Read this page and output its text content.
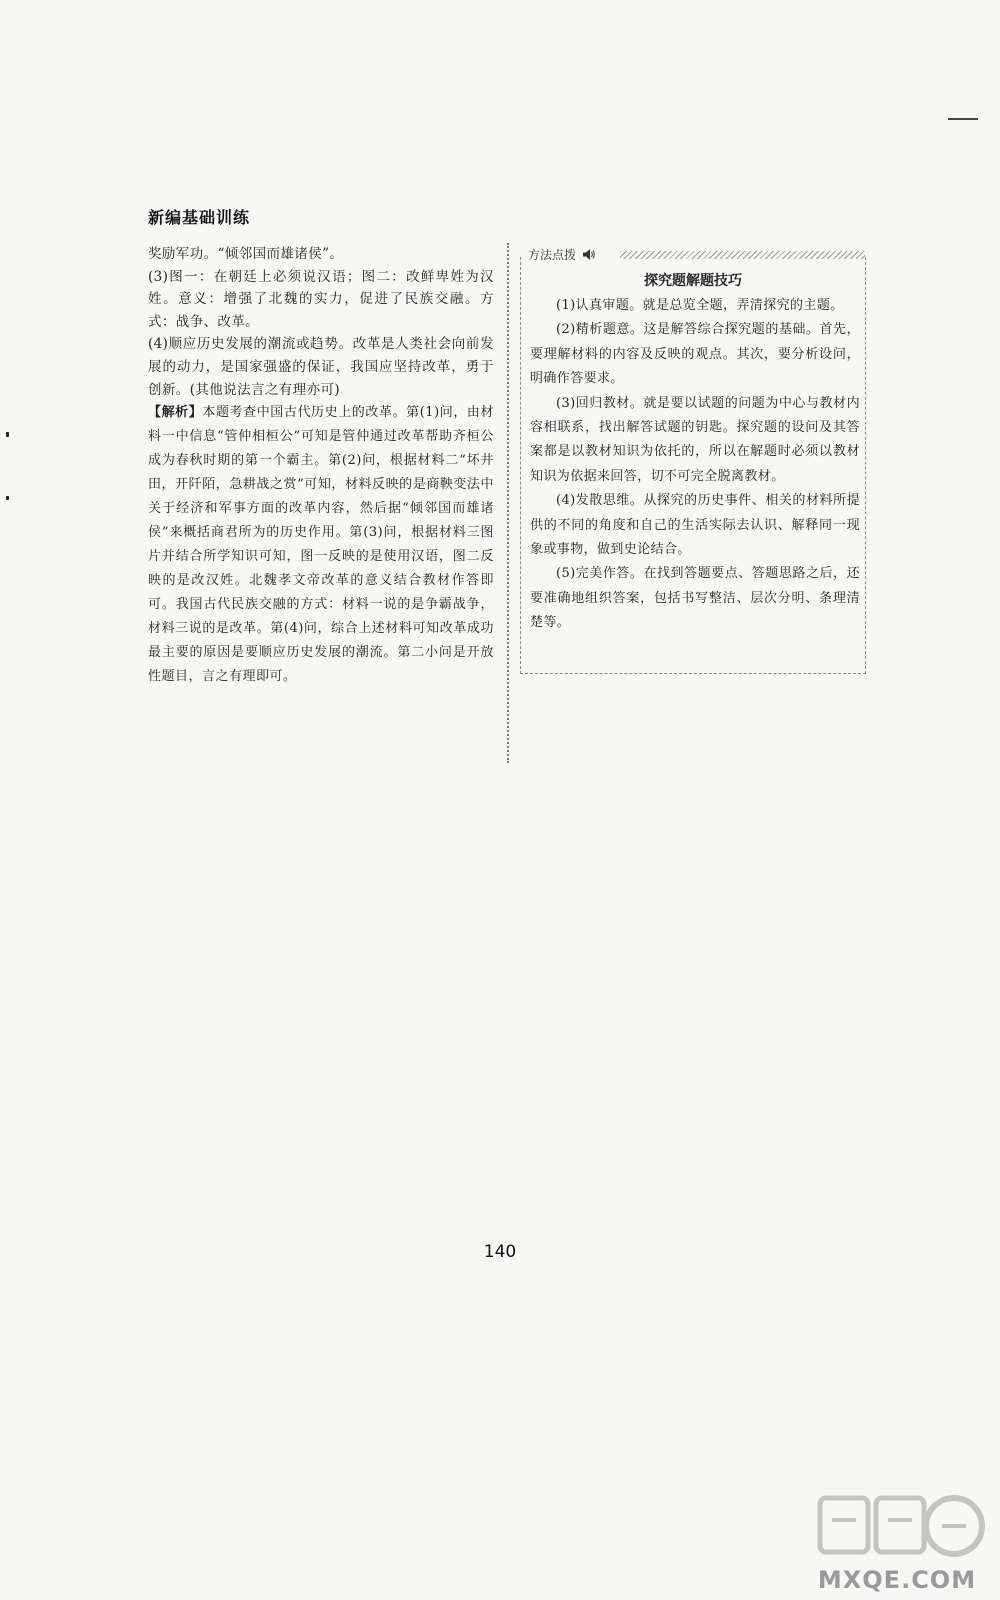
新编基础训练

奖励军功。“倾邻国而雄诸侯”。

(3)图一：在朝廷上必须说汉语；图二：改鲜卑姓为汉姓。意义：增强了北魏的实力，促进了民族交融。方式：战争、改革。

(4)顺应历史发展的潮流或趋势。改革是人类社会向前发展的动力，是国家强盛的保证，我国应坚持改革，勇于创新。(其他说法言之有理亦可)

【解析】本题考查中国古代历史上的改革。第(1)问，由材料一中信息“管仲相桓公”可知是管仲通过改革帮助齐桓公成为春秋时期的第一个霸主。第(2)问，根据材料二“坏井田，开阡陌，急耕战之赏”可知，材料反映的是商鞅变法中关于经济和军事方面的改革内容，然后据“倾邻国而雄诸侯”来概括商君所为的历史作用。第(3)问，根据材料三图片并结合所学知识可知，图一反映的是使用汉语，图二反映的是改汉姓。北魏孝文帝改革的意义结合教材作答即可。我国古代民族交融的方式：材料一说的是争霸战争，材料三说的是改革。第(4)问，综合上述材料可知改革成功最主要的原因是要顺应历史发展的潮流。第二小问是开放性题目，言之有理即可。

方法点拨
探究题解题技巧

(1)认真审题。就是总览全题，弄清探究的主题。

(2)精析题意。这是解答综合探究题的基础。首先，要理解材料的内容及反映的观点。其次，要分析设问，明确作答要求。

(3)回归教材。就是要以试题的问题为中心与教材内容相联系，找出解答试题的钥匙。探究题的设问及其答案都是以教材知识为依托的，所以在解题时必须以教材知识为依据来回答，切不可完全脱离教材。

(4)发散思维。从探究的历史事件、相关的材料所提供的不同的角度和自己的生活实际去认识、解释同一现象或事物，做到史论结合。

(5)完美作答。在找到答题要点、答题思路之后，还要准确地组织答案，包括书写整洁、层次分明、条理清楚等。

140
MXQE.COM
